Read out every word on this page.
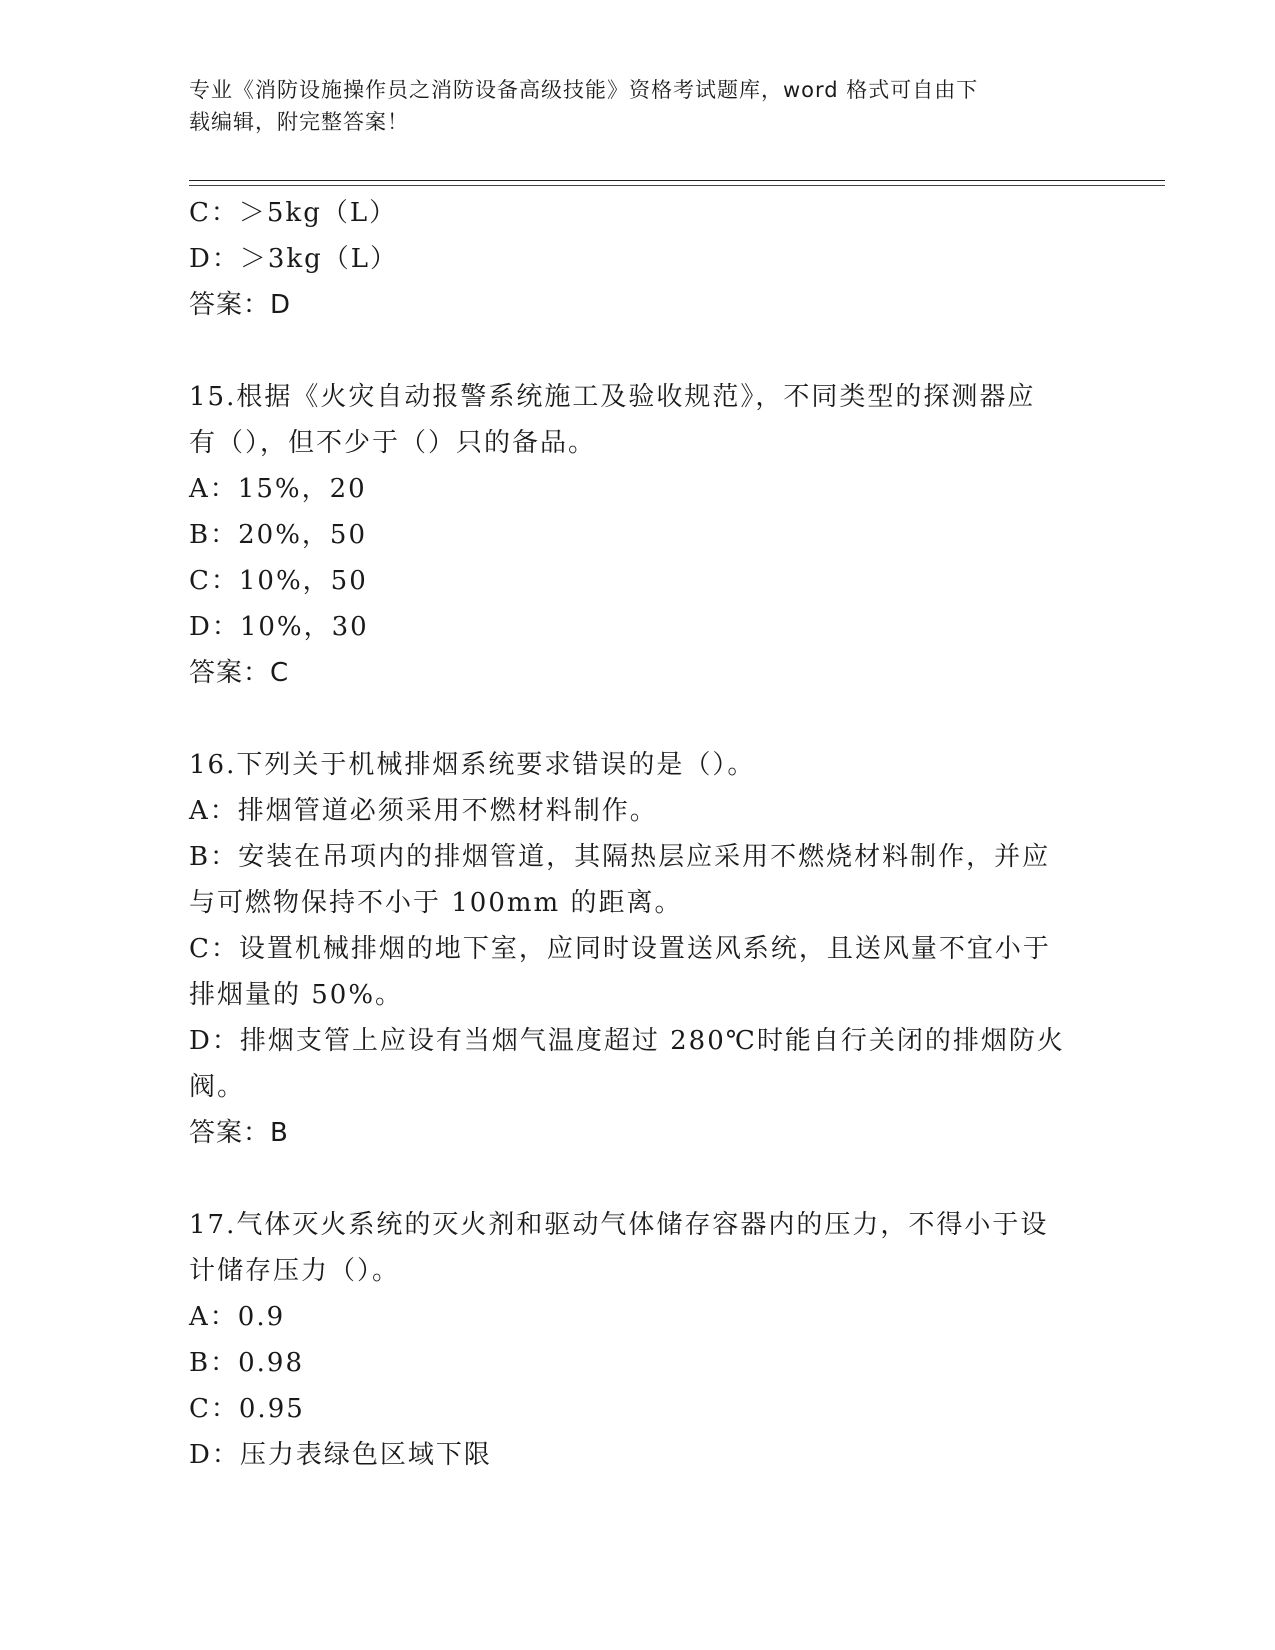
专业《消防设施操作员之消防设备高级技能》资格考试题库，word 格式可自由下
载编辑，附完整答案！
C：＞5kg（L）
D：＞3kg（L）
答案：D
15.根据《火灾自动报警系统施工及验收规范》，不同类型的探测器应
有（），但不少于（）只的备品。
A：15%，20
B：20%，50
C：10%，50
D：10%，30
答案：C
16.下列关于机械排烟系统要求错误的是（）。
A：排烟管道必须采用不燃材料制作。
B：安装在吊项内的排烟管道，其隔热层应采用不燃烧材料制作，并应
与可燃物保持不小于 100mm 的距离。
C：设置机械排烟的地下室，应同时设置送风系统，且送风量不宜小于
排烟量的 50%。
D：排烟支管上应设有当烟气温度超过 280℃时能自行关闭的排烟防火
阀。
答案：B
17.气体灭火系统的灭火剂和驱动气体储存容器内的压力，不得小于设
计储存压力（）。
A：0.9
B：0.98
C：0.95
D：压力表绿色区域下限
